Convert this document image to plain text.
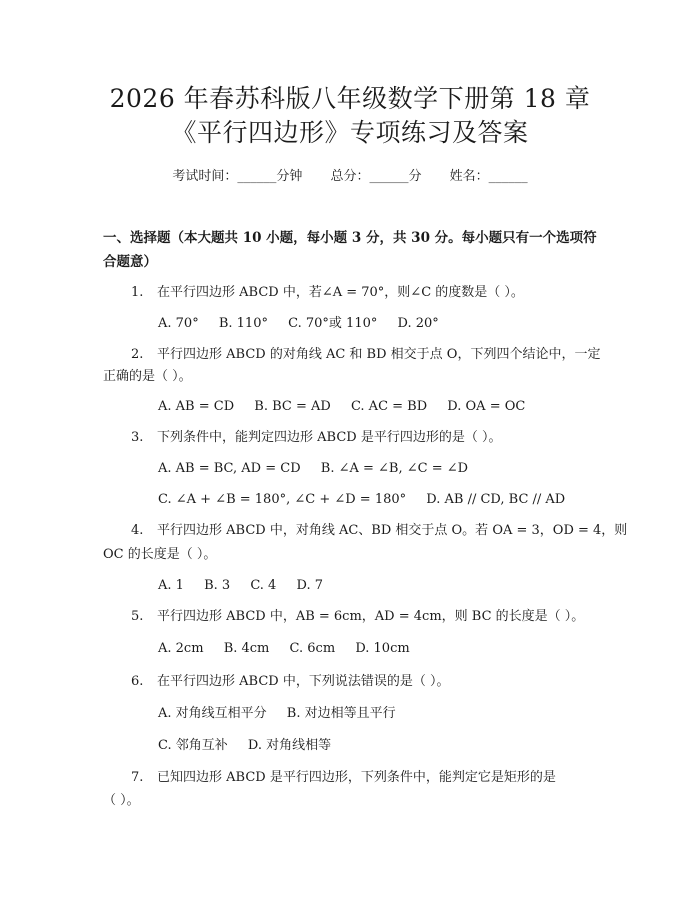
2026 年春苏科版八年级数学下册第 18 章
《平行四边形》专项练习及答案
考试时间：______分钟 总分：______分 姓名：______
一、选择题（本大题共 10 小题，每小题 3 分，共 30 分。每小题只有一个选项符合题意）
1. 在平行四边形 ABCD 中，若∠A = 70°，则∠C 的度数是（ ）。
A. 70° B. 110° C. 70°或 110° D. 20°
2. 平行四边形 ABCD 的对角线 AC 和 BD 相交于点 O，下列四个结论中，一定
正确的是（ ）。
A. AB = CD B. BC = AD C. AC = BD D. OA = OC
3. 下列条件中，能判定四边形 ABCD 是平行四边形的是（ ）。
A. AB = BC, AD = CD B. ∠A = ∠B, ∠C = ∠D
C. ∠A + ∠B = 180°, ∠C + ∠D = 180° D. AB // CD, BC // AD
4. 平行四边形 ABCD 中，对角线 AC、BD 相交于点 O。若 OA = 3，OD = 4，则
OC 的长度是（ ）。
A. 1 B. 3 C. 4 D. 7
5. 平行四边形 ABCD 中，AB = 6cm，AD = 4cm，则 BC 的长度是（ ）。
A. 2cm B. 4cm C. 6cm D. 10cm
6. 在平行四边形 ABCD 中，下列说法错误的是（ ）。
A. 对角线互相平分 B. 对边相等且平行
C. 邻角互补 D. 对角线相等
7. 已知四边形 ABCD 是平行四边形，下列条件中，能判定它是矩形的是
（ ）。
